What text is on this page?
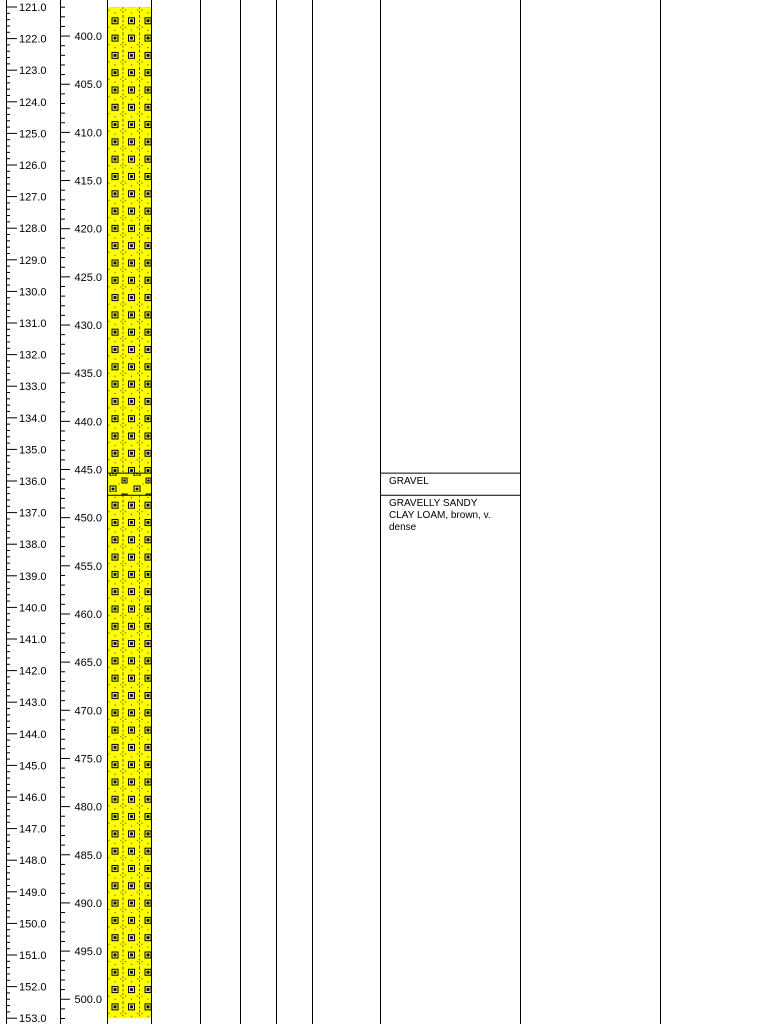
121.0
122.0
123.0
124.0
125.0
126.0
127.0
128.0
129.0
130.0
131.0
132.0
133.0
134.0
135.0
136.0
137.0
138.0
139.0
140.0
141.0
142.0
143.0
144.0
145.0
146.0
147.0
148.0
149.0
150.0
151.0
152.0
153.0
400.0
405.0
410.0
415.0
420.0
425.0
430.0
435.0
440.0
445.0
450.0
455.0
460.0
465.0
470.0
475.0
480.0
485.0
490.0
495.0
500.0
GRAVEL
GRAVELLY SANDY
CLAY LOAM, brown, v.
dense
